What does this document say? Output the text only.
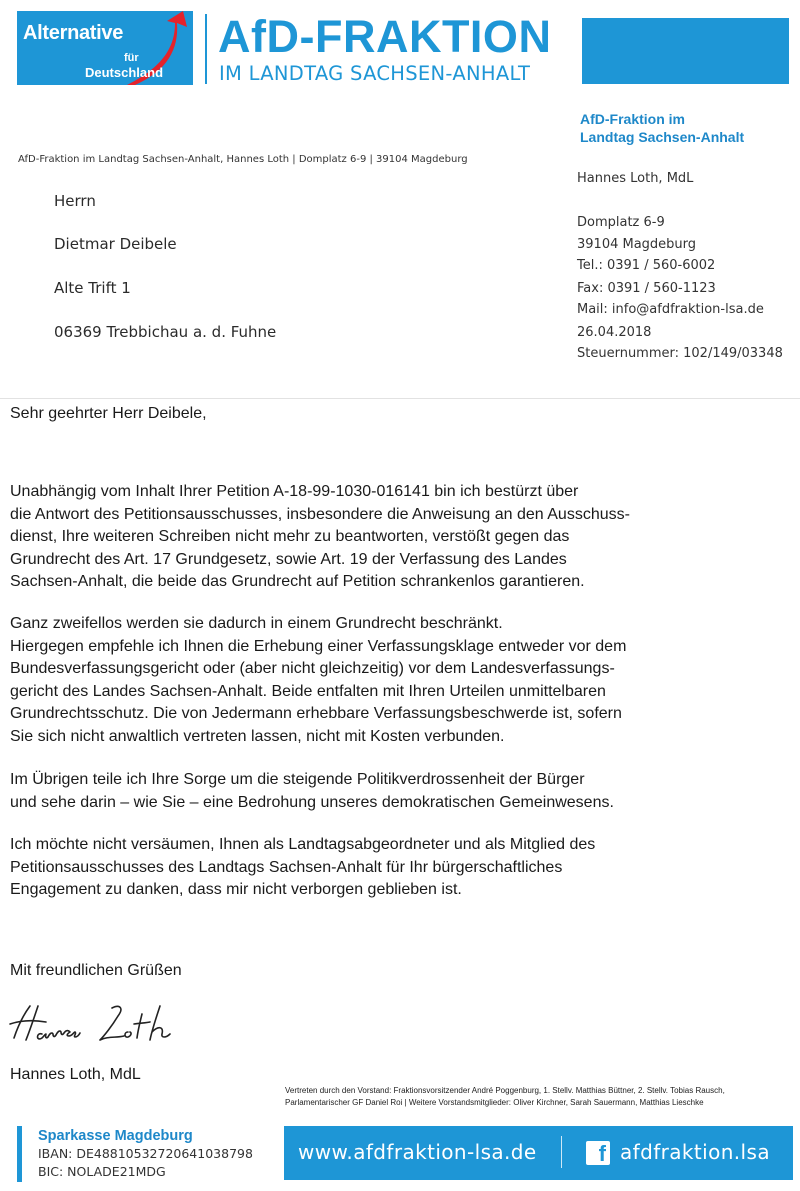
Alternative
für
Deutschland
AfD-FRAKTION
IM LANDTAG SACHSEN-ANHALT
AfD-Fraktion im
Landtag Sachsen-Anhalt
Hannes Loth, MdL
Domplatz 6-9
39104 Magdeburg
Tel.: 0391 / 560-6002
Fax: 0391 / 560-1123
Mail: info@afdfraktion-lsa.de
26.04.2018
Steuernummer: 102/149/03348
AfD-Fraktion im Landtag Sachsen-Anhalt, Hannes Loth | Domplatz 6-9 | 39104 Magdeburg
Herrn
Dietmar Deibele
Alte Trift 1
06369 Trebbichau a. d. Fuhne
Sehr geehrter Herr Deibele,
Unabhängig vom Inhalt Ihrer Petition A-18-99-1030-016141 bin ich bestürzt über
die Antwort des Petitionsausschusses, insbesondere die Anweisung an den Ausschuss-
dienst, Ihre weiteren Schreiben nicht mehr zu beantworten, verstößt gegen das
Grundrecht des Art. 17 Grundgesetz, sowie Art. 19 der Verfassung des Landes
Sachsen-Anhalt, die beide das Grundrecht auf Petition schrankenlos garantieren.
Ganz zweifellos werden sie dadurch in einem Grundrecht beschränkt.
Hiergegen empfehle ich Ihnen die Erhebung einer Verfassungsklage entweder vor dem
Bundesverfassungsgericht oder (aber nicht gleichzeitig) vor dem Landesverfassungs-
gericht des Landes Sachsen-Anhalt. Beide entfalten mit Ihren Urteilen unmittelbaren
Grundrechtsschutz. Die von Jedermann erhebbare Verfassungsbeschwerde ist, sofern
Sie sich nicht anwaltlich vertreten lassen, nicht mit Kosten verbunden.
Im Übrigen teile ich Ihre Sorge um die steigende Politikverdrossenheit der Bürger
und sehe darin – wie Sie – eine Bedrohung unseres demokratischen Gemeinwesens.
Ich möchte nicht versäumen, Ihnen als Landtagsabgeordneter und als Mitglied des
Petitionsausschusses des Landtags Sachsen-Anhalt für Ihr bürgerschaftliches
Engagement zu danken, dass mir nicht verborgen geblieben ist.
Mit freundlichen Grüßen
Hannes Loth, MdL
Vertreten durch den Vorstand: Fraktionsvorsitzender André Poggenburg, 1. Stellv. Matthias Büttner, 2. Stellv. Tobias Rausch,
Parlamentarischer GF Daniel Roi | Weitere Vorstandsmitglieder: Oliver Kirchner, Sarah Sauermann, Matthias Lieschke
Sparkasse Magdeburg
IBAN: DE48810532720641038798
BIC: NOLADE21MDG
www.afdfraktion-lsa.de	f afdfraktion.lsa
